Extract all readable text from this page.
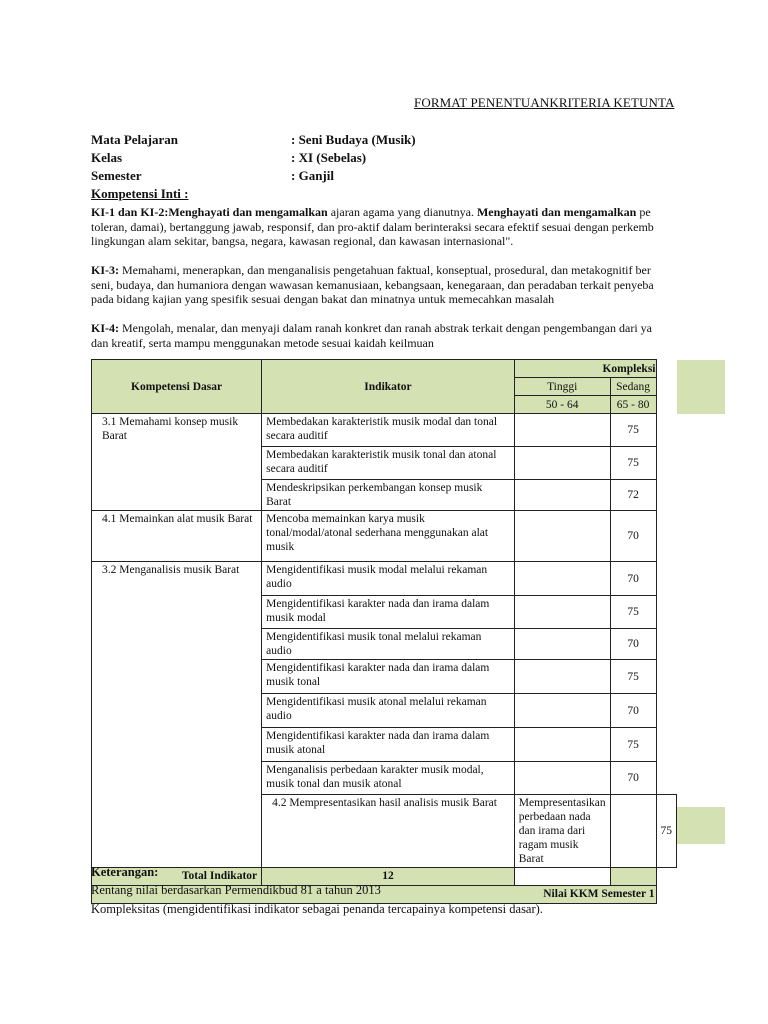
FORMAT PENENTUANKRITERIA KETUNTA
Mata Pelajaran	: Seni Budaya (Musik)
Kelas	: XI (Sebelas)
Semester	: Ganjil
Kompetensi Inti :
KI-1 dan KI-2:Menghayati dan mengamalkan ajaran agama yang dianutnya. Menghayati dan mengamalkan pe
toleran, damai), bertanggung jawab, responsif, dan pro-aktif dalam berinteraksi secara efektif sesuai dengan perkemb
lingkungan alam sekitar, bangsa, negara, kawasan regional, dan kawasan internasional".
KI-3: Memahami, menerapkan, dan menganalisis pengetahuan faktual, konseptual, prosedural, dan metakognitif ber
seni, budaya, dan humaniora dengan wawasan kemanusiaan, kebangsaan, kenegaraan, dan peradaban terkait penyeba
pada bidang kajian yang spesifik sesuai dengan bakat dan minatnya untuk memecahkan masalah
KI-4: Mengolah, menalar, dan menyaji dalam ranah konkret dan ranah abstrak terkait dengan pengembangan dari ya
dan kreatif, serta mampu menggunakan metode sesuai kaidah keilmuan
Kompetensi Dasar	Indikator	Kompleksi		
		Tinggi	Sedang	
		50 - 64	65 - 80	
3.1 Memahami konsep musik Barat	Membedakan karakteristik musik modal dan tonal secara auditif		75	
	Membedakan karakteristik musik tonal dan atonal secara auditif		75	
	Mendeskripsikan perkembangan konsep musik Barat		72	
4.1 Memainkan alat musik Barat	Mencoba memainkan karya musik tonal/modal/atonal sederhana menggunakan alat musik		70	
3.2 Menganalisis musik Barat	Mengidentifikasi musik modal melalui rekaman audio		70	
	Mengidentifikasi karakter nada dan irama dalam musik modal		75	
	Mengidentifikasi musik tonal melalui rekaman audio		70	
	Mengidentifikasi karakter nada dan irama dalam musik tonal		75	
	Mengidentifikasi musik atonal melalui rekaman audio		70	
	Mengidentifikasi karakter nada dan irama dalam musik atonal		75	
	Menganalisis perbedaan karakter musik modal, musik tonal dan musik atonal		70	
	4.2 Mempresentasikan hasil analisis musik Barat	Mempresentasikan perbedaan nada dan irama dari ragam musik Barat		75
Total Indikator	12			
Nilai KKM Semester 1				
Keterangan:
Rentang nilai berdasarkan Permendikbud 81 a tahun 2013
Kompleksitas (mengidentifikasi indikator sebagai penanda tercapainya kompetensi dasar).
